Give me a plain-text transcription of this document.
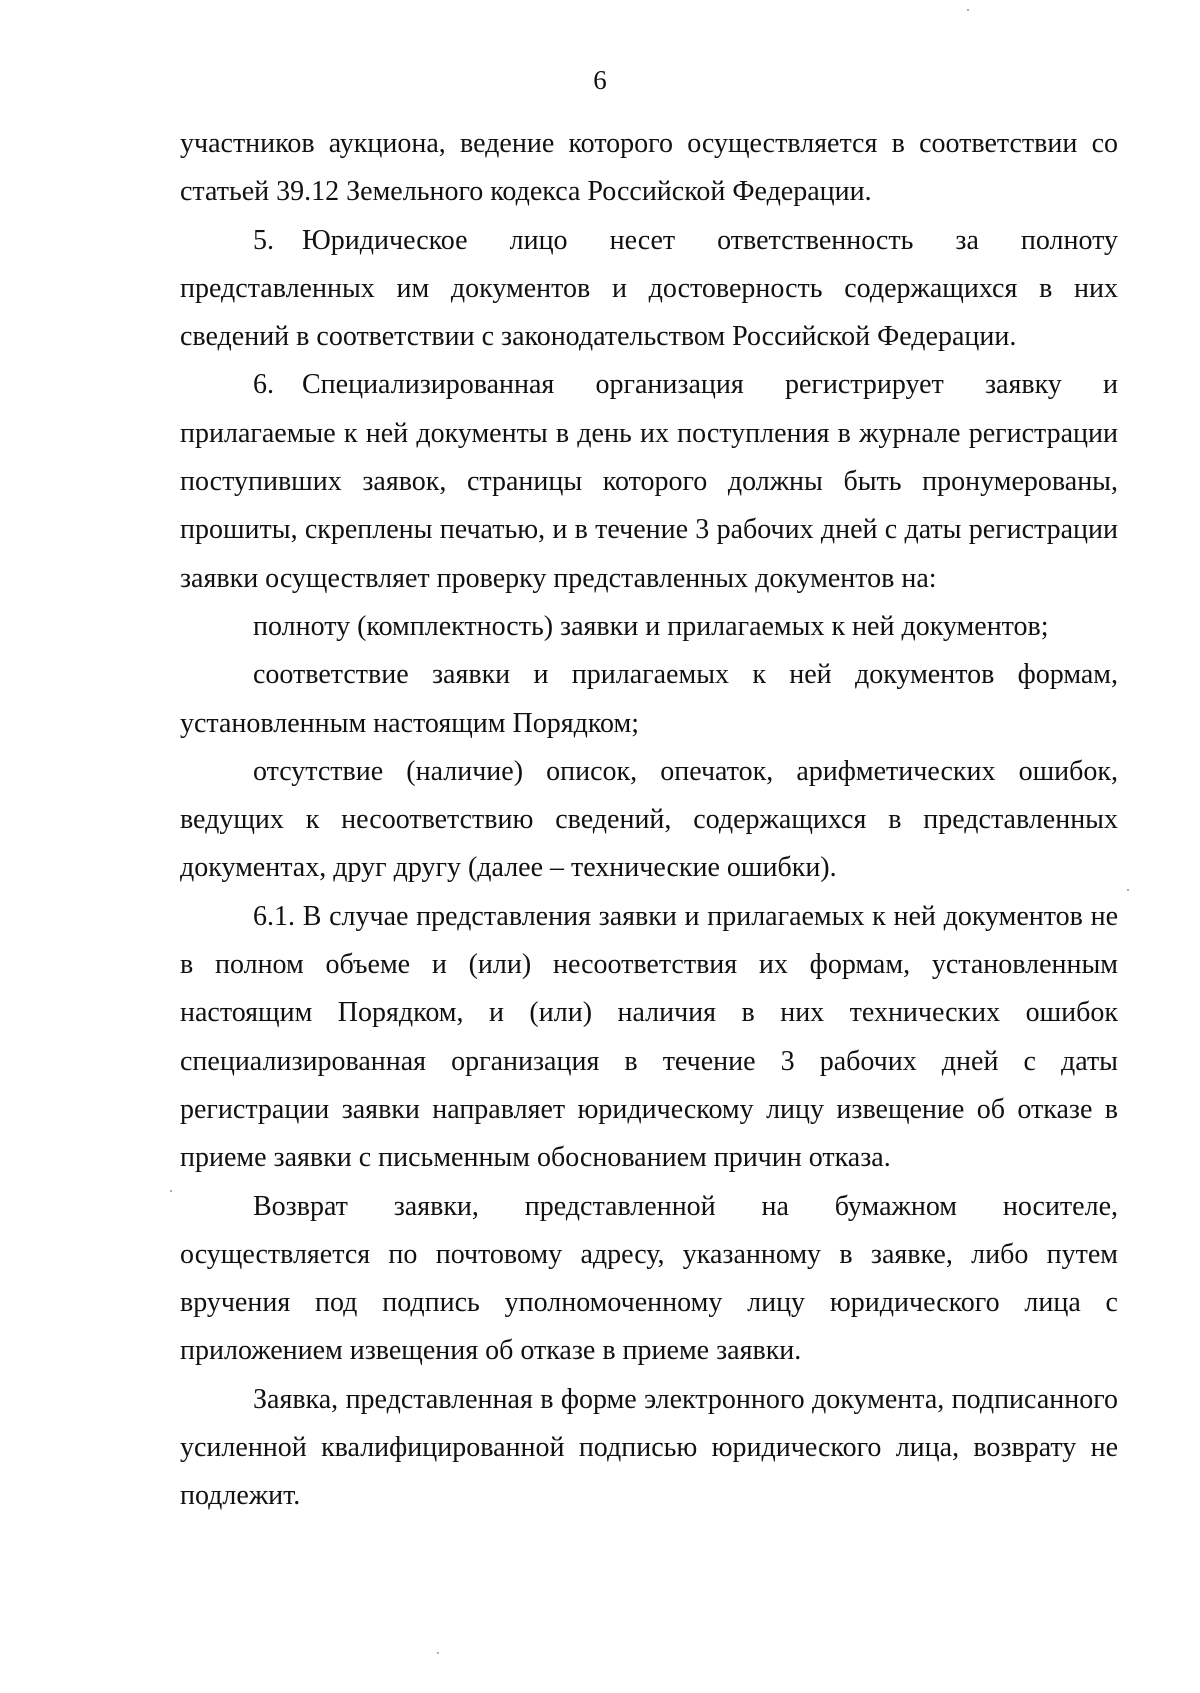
6

участников аукциона, ведение которого осуществляется в соответствии со статьей 39.12 Земельного кодекса Российской Федерации.

5. Юридическое лицо несет ответственность за полноту представленных им документов и достоверность содержащихся в них сведений в соответствии с законодательством Российской Федерации.

6. Специализированная организация регистрирует заявку и прилагаемые к ней документы в день их поступления в журнале регистрации поступивших заявок, страницы которого должны быть пронумерованы, прошиты, скреплены печатью, и в течение 3 рабочих дней с даты регистрации заявки осуществляет проверку представленных документов на:

полноту (комплектность) заявки и прилагаемых к ней документов;

соответствие заявки и прилагаемых к ней документов формам, установленным настоящим Порядком;

отсутствие (наличие) описок, опечаток, арифметических ошибок, ведущих к несоответствию сведений, содержащихся в представленных документах, друг другу (далее – технические ошибки).

6.1. В случае представления заявки и прилагаемых к ней документов не в полном объеме и (или) несоответствия их формам, установленным настоящим Порядком, и (или) наличия в них технических ошибок специализированная организация в течение 3 рабочих дней с даты регистрации заявки направляет юридическому лицу извещение об отказе в приеме заявки с письменным обоснованием причин отказа.

Возврат заявки, представленной на бумажном носителе, осуществляется по почтовому адресу, указанному в заявке, либо путем вручения под подпись уполномоченному лицу юридического лица с приложением извещения об отказе в приеме заявки.

Заявка, представленная в форме электронного документа, подписанного усиленной квалифицированной подписью юридического лица, возврату не подлежит.
